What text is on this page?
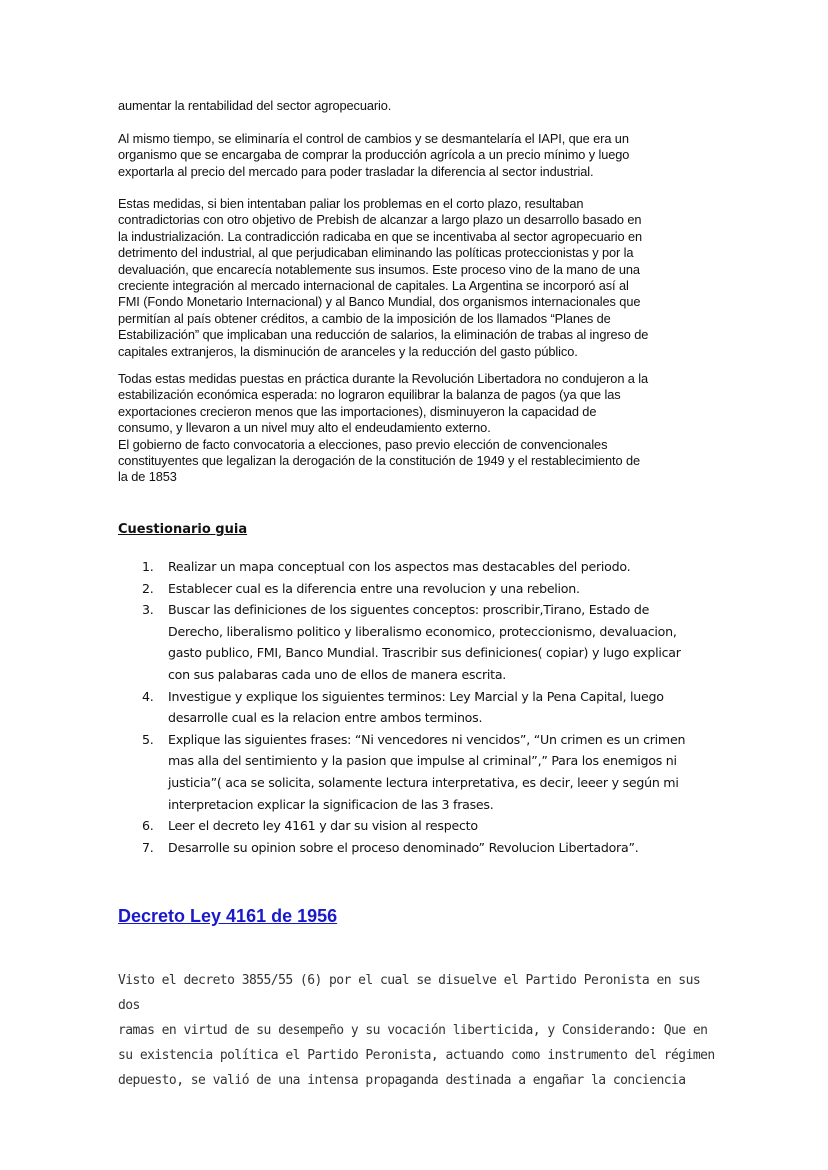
aumentar la rentabilidad del sector agropecuario.

Al mismo tiempo, se eliminaría el control de cambios y se desmantelaría el IAPI, que era un

organismo que se encargaba de comprar la producción agrícola a un precio mínimo y luego

exportarla al precio del mercado para poder trasladar la diferencia al sector industrial.

Estas medidas, si bien intentaban paliar los problemas en el corto plazo, resultaban

contradictorias con otro objetivo de Prebish de alcanzar a largo plazo un desarrollo basado en

la industrialización. La contradicción radicaba en que se incentivaba al sector agropecuario en

detrimento del industrial, al que perjudicaban eliminando las políticas proteccionistas y por la

devaluación, que encarecía notablemente sus insumos. Este proceso vino de la mano de una

creciente integración al mercado internacional de capitales. La Argentina se incorporó así al

FMI (Fondo Monetario Internacional) y al Banco Mundial, dos organismos internacionales que

permitían al país obtener créditos, a cambio de la imposición de los llamados “Planes de

Estabilización” que implicaban una reducción de salarios, la eliminación de trabas al ingreso de

capitales extranjeros, la disminución de aranceles y la reducción del gasto público.

Todas estas medidas puestas en práctica durante la Revolución Libertadora no condujeron a la

estabilización económica esperada: no lograron equilibrar la balanza de pagos (ya que las

exportaciones crecieron menos que las importaciones), disminuyeron la capacidad de

consumo, y llevaron a un nivel muy alto el endeudamiento externo.

El gobierno de facto convocatoria a elecciones, paso previo elección de convencionales

constituyentes que legalizan la derogación de la constitución de 1949 y el restablecimiento de

la de 1853

Cuestionario guia
1. Realizar un mapa conceptual con los aspectos mas destacables del periodo.
2. Establecer cual es la diferencia entre una revolucion y una rebelion.
3. Buscar las definiciones de los siguentes conceptos: proscribir,Tirano, Estado de
Derecho, liberalismo politico y liberalismo economico, proteccionismo, devaluacion,
gasto publico, FMI, Banco Mundial. Trascribir sus definiciones( copiar) y lugo explicar
con sus palabaras cada uno de ellos de manera escrita.
4. Investigue y explique los siguientes terminos: Ley Marcial y la Pena Capital, luego
desarrolle cual es la relacion entre ambos terminos.
5. Explique las siguientes frases: “Ni vencedores ni vencidos”, “Un crimen es un crimen
mas alla del sentimiento y la pasion que impulse al criminal”,” Para los enemigos ni
justicia”( aca se solicita, solamente lectura interpretativa, es decir, leeer y según mi
interpretacion explicar la significacion de las 3 frases.
6. Leer el decreto ley 4161 y dar su vision al respecto
7. Desarrolle su opinion sobre el proceso denominado” Revolucion Libertadora”.
Decreto Ley 4161 de 1956
Visto el decreto 3855/55 (6) por el cual se disuelve el Partido Peronista en sus dos
ramas en virtud de su desempeño y su vocación liberticida, y Considerando: Que en
su existencia política el Partido Peronista, actuando como instrumento del régimen
depuesto, se valió de una intensa propaganda destinada a engañar la conciencia
